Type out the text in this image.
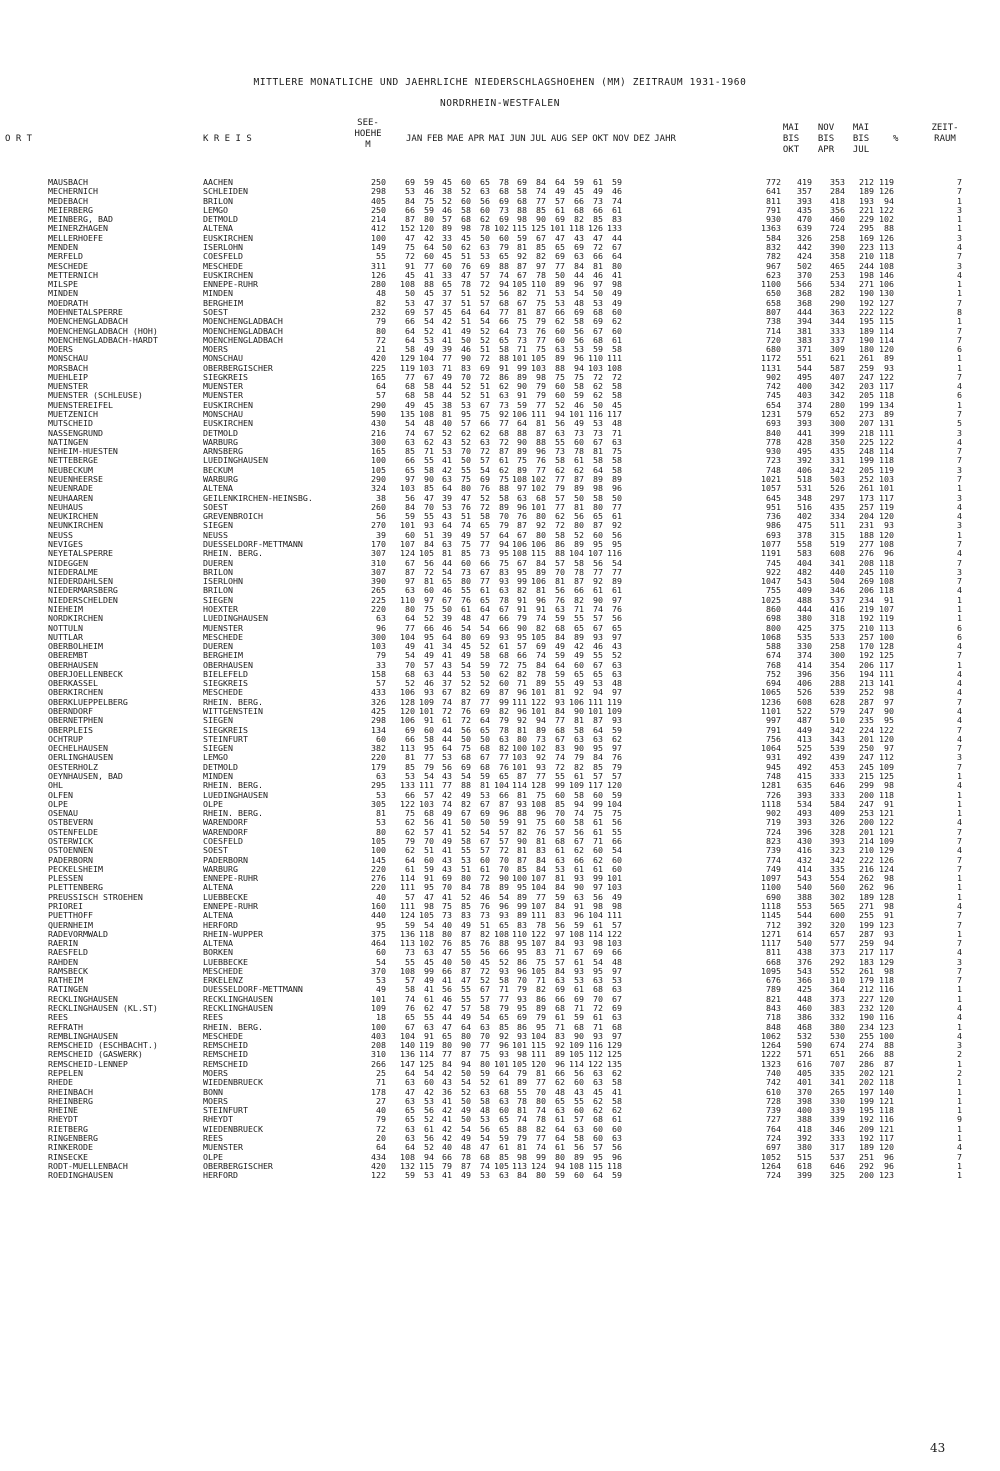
MITTLERE MONATLICHE UND JAEHRLICHE NIEDERSCHLAGSHOEHEN (MM) ZEITRAUM 1931-1960
NORDRHEIN-WESTFALEN
O R T	K R E I S
SEE-
HOEHE
M
JAN FEB MAE APR MAI JUN JUL AUG SEP OKT NOV DEZ JAHR
MAI
BIS
OKT
NOV
BIS
APR
MAI
BIS
JUL
%
ZEIT-
RAUM
MAUSBACH	AACHEN	250 69 59 45 60 65 78 69 84 64 59 61 59	772 419 353 212 119	7
MECHERNICH	SCHLEIDEN	298 53 46 38 52 63 68 58 74 49 45 49 46	641 357 284 189 126	7
MEDEBACH	BRILON	405 84 75 52 60 56 69 68 77 57 66 73 74	811 393 418 193 94	1
MEIERBERG	LEMGO	250 66 59 46 58 60 73 88 85 61 68 66 61	791 435 356 221 122	3
MEINBERG, BAD	DETMOLD	214 87 80 57 68 62 69 98 90 69 82 85 83	930 470 460 229 102	1
MEINERZHAGEN	ALTENA	412 152 120 89 98 78 102 115 125 101 118 126 133	1363 639 724 295 88	1
MELLERHOEFE	EUSKIRCHEN	100 47 42 33 45 50 60 59 67 47 43 47 44	584 326 258 169 126	3
MENDEN	ISERLOHN	149 75 64 50 62 63 79 81 85 65 69 72 67	832 442 390 223 113	4
MERFELD	COESFELD	55 72 60 45 51 53 65 92 82 69 63 66 64	782 424 358 210 118	7
MESCHEDE	MESCHEDE	311 91 77 60 76 69 88 87 97 77 84 81 80	967 502 465 244 108	3
METTERNICH	EUSKIRCHEN	126 45 41 33 47 57 74 67 78 50 44 46 41	623 370 253 198 146	4
MILSPE	ENNEPE-RUHR	280 108 88 65 78 72 94 105 110 89 96 97 98	1100 566 534 271 106	1
MINDEN	MINDEN	48 50 45 37 51 52 56 82 71 53 54 50 49	650 368 282 190 130	1
MOEDRATH	BERGHEIM	82 53 47 37 51 57 68 67 75 53 48 53 49	658 368 290 192 127	7
MOEHNETALSPERRE	SOEST	232 69 57 45 64 64 77 81 87 66 69 68 60	807 444 363 222 122	8
MOENCHENGLADBACH	MOENCHENGLADBACH	79 66 54 42 51 54 66 75 79 62 58 69 62	738 394 344 195 115	1
MOENCHENGLADBACH (HOH)	MOENCHENGLADBACH	80 64 52 41 49 52 64 73 76 60 56 67 60	714 381 333 189 114	7
MOENCHENGLADBACH-HARDT	MOENCHENGLADBACH	72 64 53 41 50 52 65 73 77 60 56 68 61	720 383 337 190 114	7
MOERS	MOERS	21 58 49 39 46 51 58 71 75 63 53 59 58	680 371 309 180 120	6
MONSCHAU	MONSCHAU	420 129 104 77 90 72 88 101 105 89 96 110 111	1172 551 621 261 89	1
MORSBACH	OBERBERGISCHER	225 119 103 71 83 69 91 99 103 88 94 103 108	1131 544 587 259 93	1
MUEHLEIP	SIEGKREIS	165 77 67 49 70 72 86 89 98 75 75 72 72	902 495 407 247 122	7
MUENSTER	MUENSTER	64 68 58 44 52 51 62 90 79 60 58 62 58	742 400 342 203 117	4
MUENSTER (SCHLEUSE)	MUENSTER	57 68 58 44 52 51 63 91 79 60 59 62 58	745 403 342 205 118	6
MUENSTEREIFEL	EUSKIRCHEN	290 49 45 38 53 67 73 59 77 52 46 50 45	654 374 280 199 134	1
MUETZENICH	MONSCHAU	590 135 108 81 95 75 92 106 111 94 101 116 117	1231 579 652 273 89	7
MUTSCHEID	EUSKIRCHEN	430 54 48 40 57 66 77 64 81 56 49 53 48	693 393 300 207 131	5
NASSENGRUND	DETMOLD	216 74 67 52 62 62 68 88 87 63 73 73 71	840 441 399 218 111	3
NATINGEN	WARBURG	300 63 62 43 52 63 72 90 88 55 60 67 63	778 428 350 225 122	4
NEHEIM-HUESTEN	ARNSBERG	165 85 71 53 70 72 87 89 96 73 78 81 75	930 495 435 248 114	7
NETTEBERGE	LUEDINGHAUSEN	100 66 55 41 50 57 61 75 76 58 61 58 58	723 392 331 199 118	7
NEUBECKUM	BECKUM	105 65 58 42 55 54 62 89 77 62 62 64 58	748 406 342 205 119	3
NEUENHEERSE	WARBURG	290 97 90 63 75 69 75 108 102 77 87 89 89	1021 518 503 252 103	7
NEUENRADE	ALTENA	324 103 85 64 80 76 88 97 102 79 89 98 96	1057 531 526 261 101	1
NEUHAAREN	GEILENKIRCHEN-HEINSBG.	38 56 47 39 47 52 58 63 68 57 50 58 50	645 348 297 173 117	3
NEUHAUS	SOEST	260 84 70 53 76 72 89 96 101 77 81 80 77	951 516 435 257 119	4
NEUKIRCHEN	GREVENBROICH	56 59 55 43 51 58 70 76 80 62 56 65 61	736 402 334 204 120	4
NEUNKIRCHEN	SIEGEN	270 101 93 64 74 65 79 87 92 72 80 87 92	986 475 511 231 93	3
NEUSS	NEUSS	39 60 51 39 49 57 64 67 80 58 52 60 56	693 378 315 188 120	1
NEVIGES	DUESSELDORF-METTMANN	170 107 84 63 75 77 94 106 106 86 89 95 95	1077 558 519 277 108	7
NEYETALSPERRE	RHEIN. BERG.	307 124 105 81 85 73 95 108 115 88 104 107 116	1191 583 608 276 96	4
NIDEGGEN	DUEREN	310 67 56 44 60 66 75 67 84 57 58 56 54	745 404 341 208 118	7
NIEDERALME	BRILON	307 87 72 54 73 67 83 95 89 70 78 77 77	922 482 440 245 110	3
NIEDERDAHLSEN	ISERLOHN	390 97 81 65 80 77 93 99 106 81 87 92 89	1047 543 504 269 108	7
NIEDERMARSBERG	BRILON	265 63 60 46 55 61 63 82 81 56 66 61 61	755 409 346 206 118	4
NIEDERSCHELDEN	SIEGEN	225 110 97 67 76 65 78 91 96 76 82 90 97	1025 488 537 234 91	1
NIEHEIM	HOEXTER	220 80 75 50 61 64 67 91 91 63 71 74 76	860 444 416 219 107	1
NORDKIRCHEN	LUEDINGHAUSEN	63 64 52 39 48 47 66 79 74 59 55 57 56	698 380 318 192 119	1
NOTTULN	MUENSTER	96 77 66 46 54 54 66 90 82 68 65 67 65	800 425 375 210 113	6
NUTTLAR	MESCHEDE	300 104 95 64 80 69 93 95 105 84 89 93 97	1068 535 533 257 100	6
OBERBOLHEIM	DUEREN	103 49 41 34 45 52 61 57 69 49 42 46 43	588 330 258 170 128	4
OBEREMBT	BERGHEIM	79 54 49 41 49 58 68 66 74 59 49 55 52	674 374 300 192 125	7
OBERHAUSEN	OBERHAUSEN	33 70 57 43 54 59 72 75 84 64 60 67 63	768 414 354 206 117	1
OBERJOELLENBECK	BIELEFELD	158 68 63 44 53 50 62 82 78 59 65 65 63	752 396 356 194 111	4
OBERKASSEL	SIEGKREIS	57 52 46 37 52 52 60 71 89 55 49 53 48	694 406 288 213 141	4
OBERKIRCHEN	MESCHEDE	433 106 93 67 82 69 87 96 101 81 92 94 97	1065 526 539 252 98	4
OBERKLUEPPELBERG	RHEIN. BERG.	326 128 109 74 87 77 99 111 122 93 106 111 119	1236 608 628 287 97	7
OBERNDORF	WITTGENSTEIN	425 120 101 72 76 69 82 96 101 84 90 101 109	1101 522 579 247 90	4
OBERNETPHEN	SIEGEN	298 106 91 61 72 64 79 92 94 77 81 87 93	997 487 510 235 95	4
OBERPLEIS	SIEGKREIS	134 69 60 44 56 65 78 81 89 68 58 64 59	791 449 342 224 122	7
OCHTRUP	STEINFURT	60 66 58 44 50 50 63 80 73 67 63 63 62	756 413 343 201 120	4
OECHELHAUSEN	SIEGEN	382 113 95 64 75 68 82 100 102 83 90 95 97	1064 525 539 250 97	7
OERLINGHAUSEN	LEMGO	220 81 77 53 68 67 77 103 92 74 79 84 76	931 492 439 247 112	3
OESTERHOLZ	DETMOLD	179 85 79 56 69 68 76 101 93 72 82 85 79	945 492 453 245 109	7
OEYNHAUSEN, BAD	MINDEN	63 53 54 43 54 59 65 87 77 55 61 57 57	748 415 333 215 125	1
OHL	RHEIN. BERG.	295 133 111 77 88 81 104 114 128 99 109 117 120	1281 635 646 299 98	4
OLFEN	LUEDINGHAUSEN	53 66 57 42 49 53 66 81 75 60 58 60 59	726 393 333 200 118	1
OLPE	OLPE	305 122 103 74 82 67 87 93 108 85 94 99 104	1118 534 584 247 91	1
OSENAU	RHEIN. BERG.	81 75 68 49 67 69 96 88 96 70 74 75 75	902 493 409 253 121	1
OSTBEVERN	WARENDORF	53 62 56 41 50 50 59 91 75 60 58 61 56	719 393 326 200 122	4
OSTENFELDE	WARENDORF	80 62 57 41 52 54 57 82 76 57 56 61 55	724 396 328 201 121	7
OSTERWICK	COESFELD	105 79 70 49 58 67 57 90 81 68 67 71 66	823 430 393 214 109	7
OSTOENNEN	SOEST	100 62 51 41 55 57 72 81 83 61 62 60 54	739 416 323 210 129	4
PADERBORN	PADERBORN	145 64 60 43 53 60 70 87 84 63 66 62 60	774 432 342 222 126	7
PECKELSHEIM	WARBURG	220 61 59 43 51 61 70 85 84 53 61 61 60	749 414 335 216 124	7
PLESSEN	ENNEPE-RUHR	276 114 91 69 80 72 90 100 107 81 93 99 101	1097 543 554 262 98	1
PLETTENBERG	ALTENA	220 111 95 70 84 78 89 95 104 84 90 97 103	1100 540 560 262 96	1
PREUSSISCH STROEHEN	LUEBBECKE	40 57 47 41 52 46 54 89 77 59 63 56 49	690 388 302 189 128	1
PRIOREI	ENNEPE-RUHR	160 111 98 75 85 76 96 99 107 84 91 98 98	1118 553 565 271 98	4
PUETTHOFF	ALTENA	440 124 105 73 83 73 93 89 111 83 96 104 111	1145 544 600 255 91	7
QUERNHEIM	HERFORD	95 59 54 40 49 51 65 83 78 56 59 61 57	712 392 320 199 123	7
RADEVORMWALD	RHEIN-WUPPER	375 136 118 80 87 82 108 110 122 97 108 114 122	1271 614 657 287 93	1
RAERIN	ALTENA	464 113 102 76 85 76 88 95 107 84 93 98 103	1117 540 577 259 94	7
RAESFELD	BORKEN	60 73 63 47 55 56 66 95 83 71 67 69 66	811 438 373 217 117	4
RAHDEN	LUEBBECKE	54 55 45 40 50 45 52 86 75 57 61 54 48	668 376 292 183 129	3
RAMSBECK	MESCHEDE	370 108 99 66 87 72 93 96 105 84 93 95 97	1095 543 552 261 98	7
RATHEIM	ERKELENZ	53 57 49 41 47 52 58 70 71 63 53 63 53	676 366 310 179 118	7
RATINGEN	DUESSELDORF-METTMANN	49 58 41 56 55 67 71 79 82 69 61 68 63	789 425 364 212 116	1
RECKLINGHAUSEN	RECKLINGHAUSEN	101 74 61 46 55 57 77 93 86 66 69 70 67	821 448 373 227 120	1
RECKLINGHAUSEN (KL.ST)	RECKLINGHAUSEN	109 76 62 47 57 58 79 95 89 68 71 72 69	843 460 383 232 120	4
REES	REES	18 65 55 44 49 54 65 69 79 61 59 61 63	718 386 332 190 116	4
REFRATH	RHEIN. BERG.	100 67 63 47 64 63 85 86 95 71 68 71 68	848 468 380 234 123	1
REMBLINGHAUSEN	MESCHEDE	403 104 91 65 80 70 92 93 104 83 90 93 97	1062 532 530 255 100	4
REMSCHEID (ESCHBACHT.)	REMSCHEID	208 140 119 80 90 77 96 101 115 92 109 116 129	1264 590 674 274 88	3
REMSCHEID (GASWERK)	REMSCHEID	310 136 114 77 87 75 93 98 111 89 105 112 125	1222 571 651 266 88	2
REMSCHEID-LENNEP	REMSCHEID	266 147 125 84 94 80 101 105 120 96 114 122 135	1323 616 707 286 87	1
REPELEN	MOERS	25 64 54 42 50 59 64 79 81 66 56 63 62	740 405 335 202 121	2
RHEDE	WIEDENBRUECK	71 63 60 43 54 52 61 89 77 62 60 63 58	742 401 341 202 118	1
RHEINBACH	BONN	178 47 42 36 52 63 68 55 70 48 43 45 41	610 370 265 197 140	1
RHEINBERG	MOERS	27 63 53 41 50 58 63 78 80 65 55 62 58	728 398 330 199 121	1
RHEINE	STEINFURT	40 65 56 42 49 48 60 81 74 63 60 62 62	739 400 339 195 118	1
RHEYDT	RHEYDT	79 65 52 41 50 53 65 74 78 61 57 68 61	727 388 339 192 116	9
RIETBERG	WIEDENBRUECK	72 63 61 42 54 56 65 88 82 64 63 60 60	764 418 346 209 121	1
RINGENBERG	REES	20 63 56 42 49 54 59 79 77 64 58 60 63	724 392 333 192 117	1
RINKERODE	MUENSTER	64 64 52 40 48 47 61 81 74 61 56 57 56	697 380 317 189 120	4
RINSECKE	OLPE	434 108 94 66 78 68 85 98 99 80 89 95 96	1052 515 537 251 96	7
RODT-MUELLENBACH	OBERBERGISCHER	420 132 115 79 87 74 105 113 124 94 108 115 118	1264 618 646 292 96	1
ROEDINGHAUSEN	HERFORD	122 59 53 41 49 53 63 84 80 59 60 64 59	724 399 325 200 123	1
43
